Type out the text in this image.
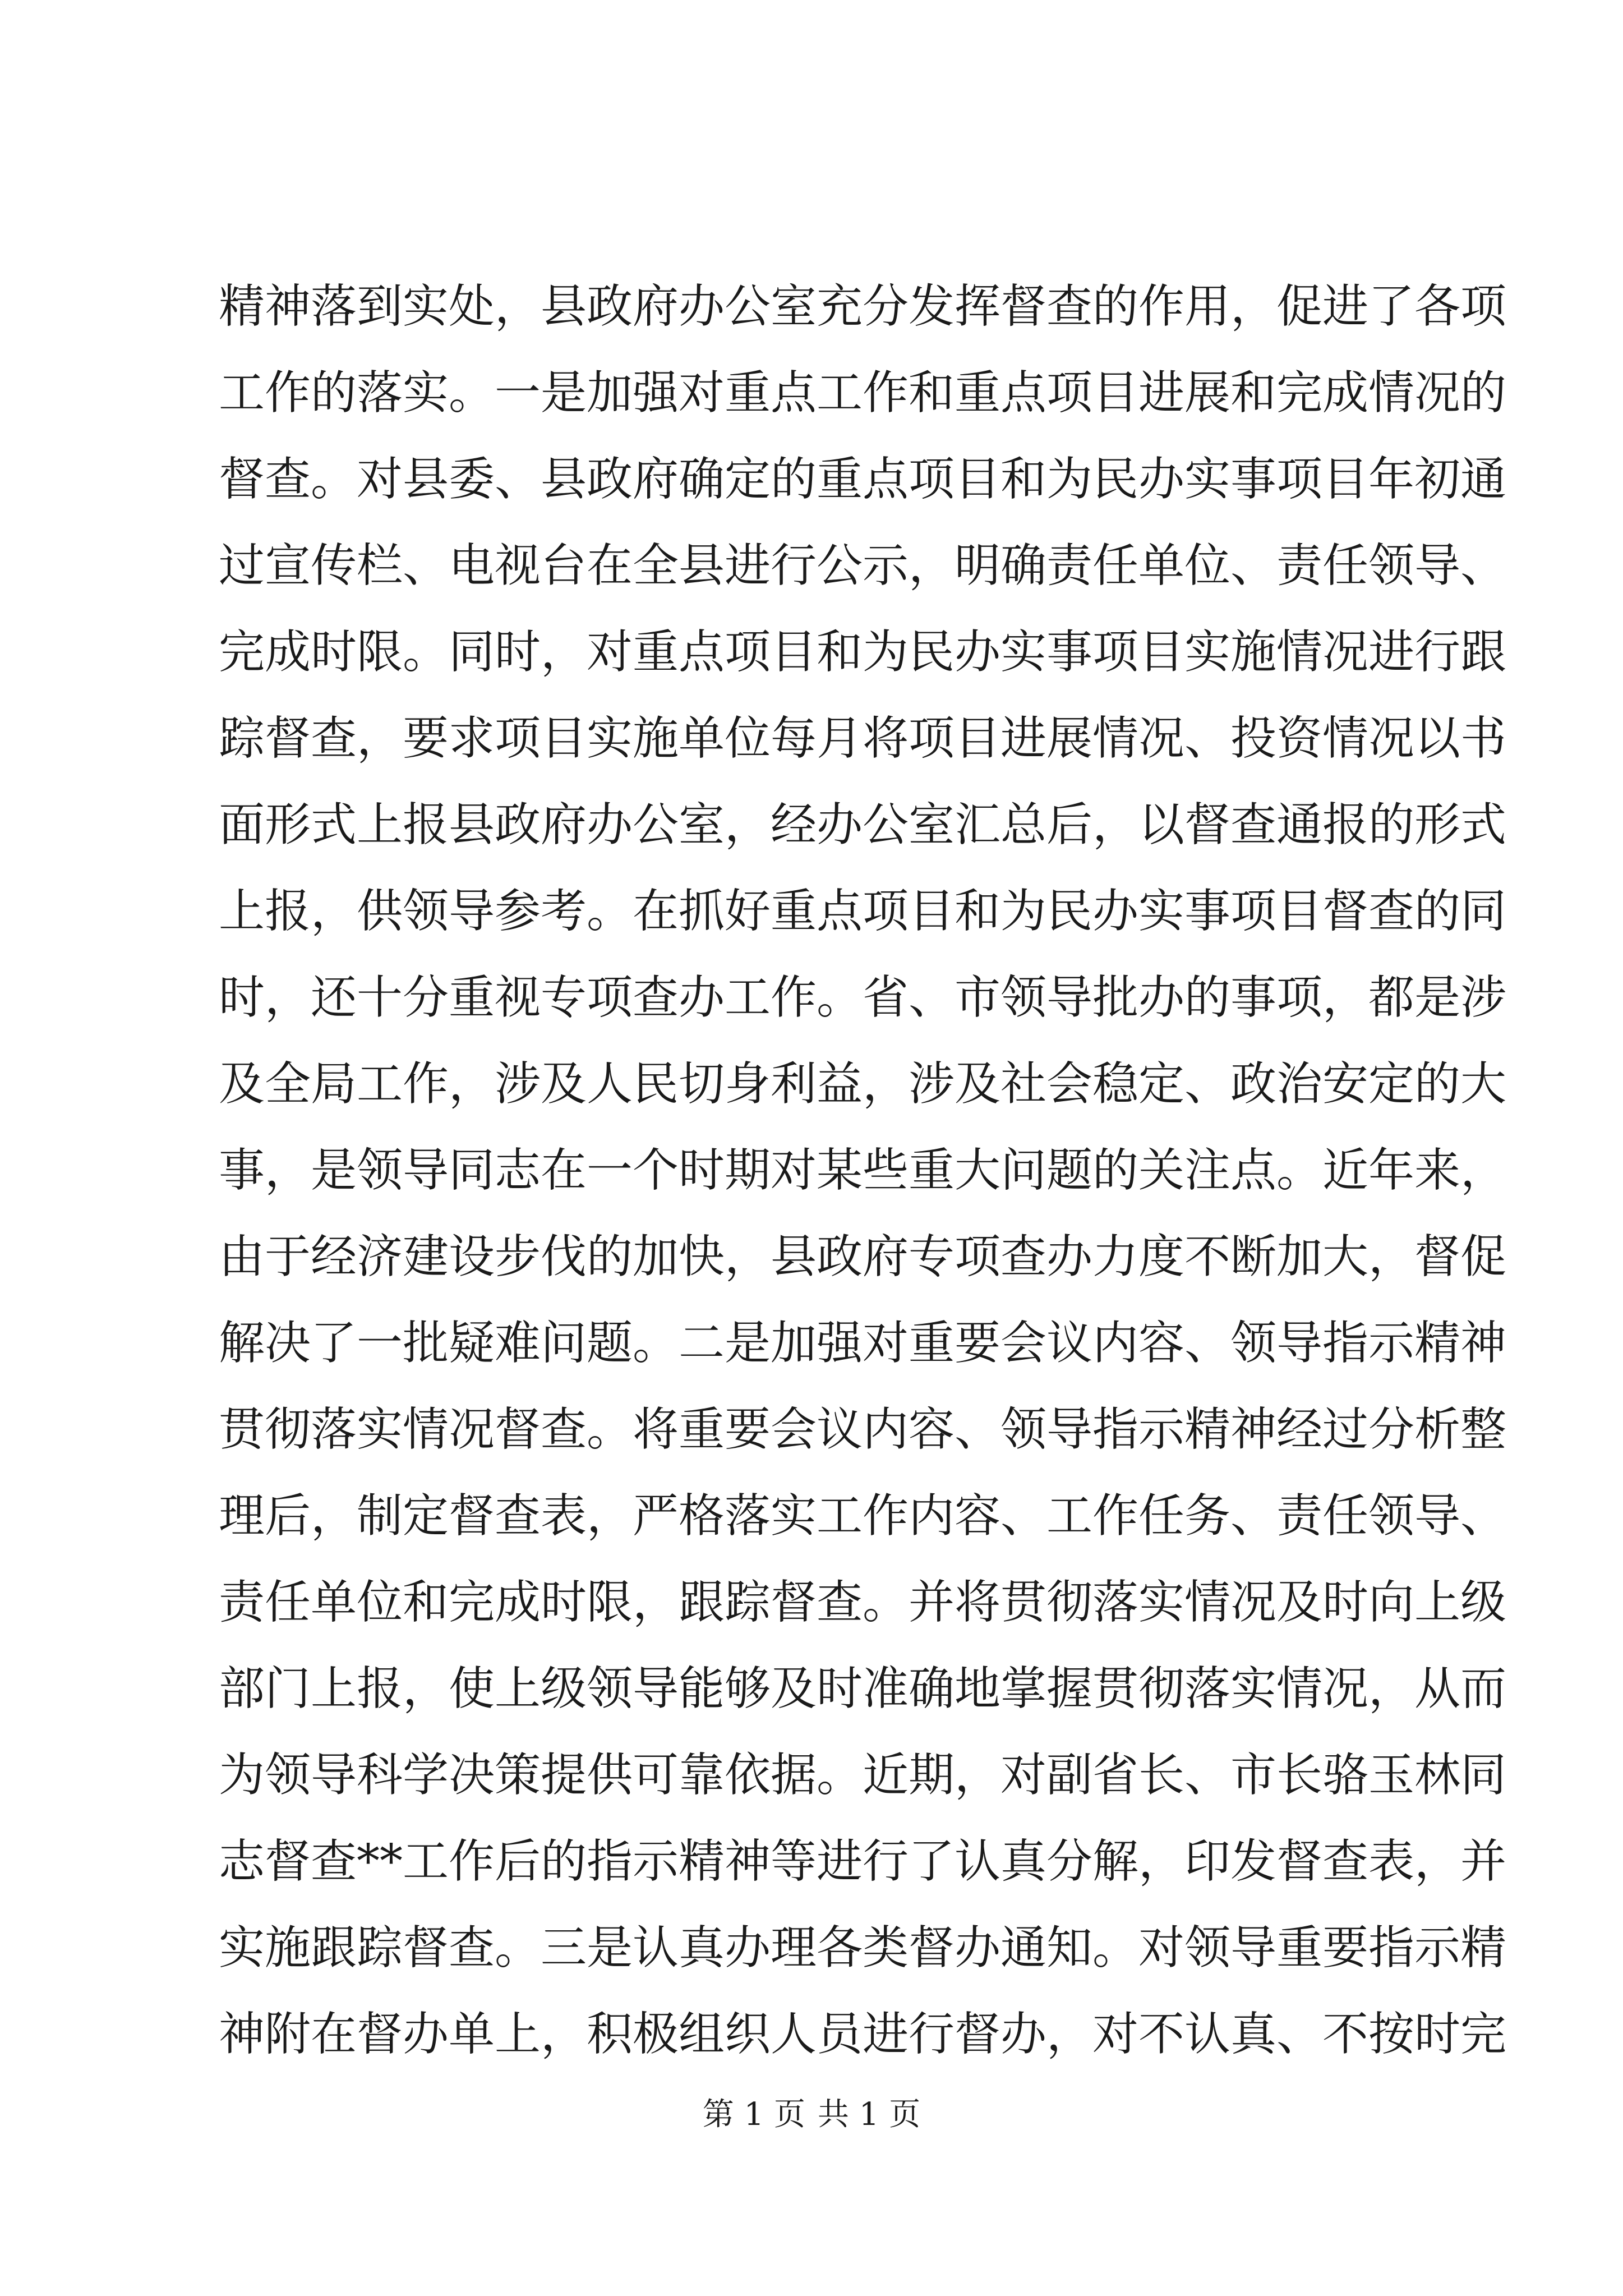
精神落到实处，县政府办公室充分发挥督查的作用，促进了各项
工作的落实。一是加强对重点工作和重点项目进展和完成情况的
督查。对县委、县政府确定的重点项目和为民办实事项目年初通
过宣传栏、电视台在全县进行公示，明确责任单位、责任领导、
完成时限。同时，对重点项目和为民办实事项目实施情况进行跟
踪督查，要求项目实施单位每月将项目进展情况、投资情况以书
面形式上报县政府办公室，经办公室汇总后，以督查通报的形式
上报，供领导参考。在抓好重点项目和为民办实事项目督查的同
时，还十分重视专项查办工作。省、市领导批办的事项，都是涉
及全局工作，涉及人民切身利益，涉及社会稳定、政治安定的大
事，是领导同志在一个时期对某些重大问题的关注点。近年来，
由于经济建设步伐的加快，县政府专项查办力度不断加大，督促
解决了一批疑难问题。二是加强对重要会议内容、领导指示精神
贯彻落实情况督查。将重要会议内容、领导指示精神经过分析整
理后，制定督查表，严格落实工作内容、工作任务、责任领导、
责任单位和完成时限，跟踪督查。并将贯彻落实情况及时向上级
部门上报，使上级领导能够及时准确地掌握贯彻落实情况，从而
为领导科学决策提供可靠依据。近期，对副省长、市长骆玉林同
志督查**工作后的指示精神等进行了认真分解，印发督查表，并
实施跟踪督查。三是认真办理各类督办通知。对领导重要指示精
神附在督办单上，积极组织人员进行督办，对不认真、不按时完
第 1 页 共 1 页
